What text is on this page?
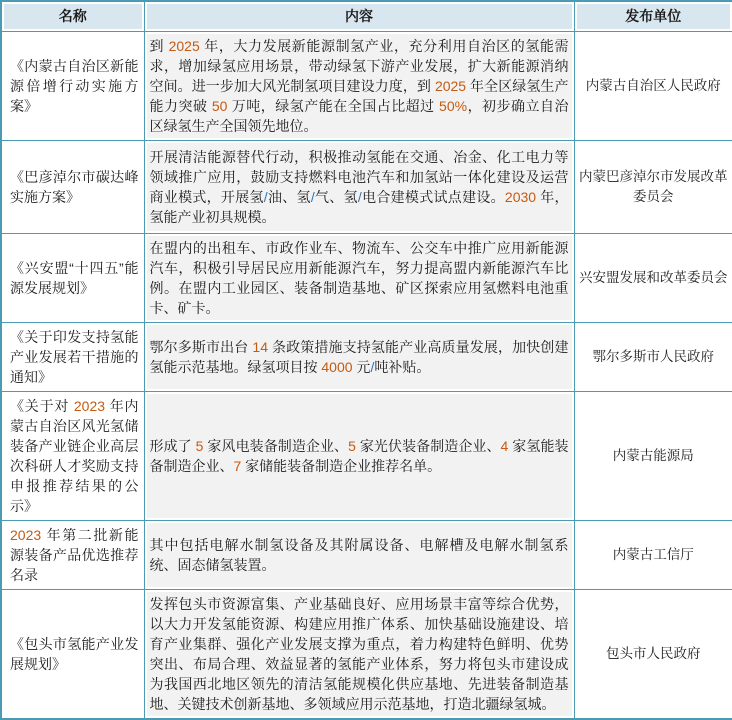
名称	内容	发布单位
《内蒙古自治区新能源倍增行动实施方案》	到 2025 年，大力发展新能源制氢产业，充分利用自治区的氢能需求，增加绿氢应用场景，带动绿氢下游产业发展，扩大新能源消纳空间。进一步加大风光制氢项目建设力度，到 2025 年全区绿氢生产能力突破 50 万吨，绿氢产能在全国占比超过 50%，初步确立自治区绿氢生产全国领先地位。	内蒙古自治区人民政府
《巴彦淖尔市碳达峰实施方案》	开展清洁能源替代行动，积极推动氢能在交通、冶金、化工电力等领域推广应用，鼓励支持燃料电池汽车和加氢站一体化建设及运营商业模式，开展氢/油、氢/气、氢/电合建模式试点建设。2030 年，氢能产业初具规模。	内蒙巴彦淖尔市发展改革委员会
《兴安盟“十四五”能源发展规划》	在盟内的出租车、市政作业车、物流车、公交车中推广应用新能源汽车，积极引导居民应用新能源汽车，努力提高盟内新能源汽车比例。在盟内工业园区、装备制造基地、矿区探索应用氢燃料电池重卡、矿卡。	兴安盟发展和改革委员会
《关于印发支持氢能产业发展若干措施的通知》	鄂尔多斯市出台 14 条政策措施支持氢能产业高质量发展，加快创建氢能示范基地。绿氢项目按 4000 元/吨补贴。	鄂尔多斯市人民政府
《关于对 2023 年内蒙古自治区风光氢储装备产业链企业高层次科研人才奖励支持申报推荐结果的公示》	形成了 5 家风电装备制造企业、5 家光伏装备制造企业、4 家氢能装备制造企业、7 家储能装备制造企业推荐名单。	内蒙古能源局
2023 年第二批新能源装备产品优选推荐名录	其中包括电解水制氢设备及其附属设备、电解槽及电解水制氢系统、固态储氢装置。	内蒙古工信厅
《包头市氢能产业发展规划》	发挥包头市资源富集、产业基础良好、应用场景丰富等综合优势，以大力开发氢能资源、构建应用推广体系、加快基础设施建设、培育产业集群、强化产业发展支撑为重点，着力构建特色鲜明、优势突出、布局合理、效益显著的氢能产业体系，努力将包头市建设成为我国西北地区领先的清洁氢能规模化供应基地、先进装备制造基地、关键技术创新基地、多领域应用示范基地，打造北疆绿氢城。	包头市人民政府
